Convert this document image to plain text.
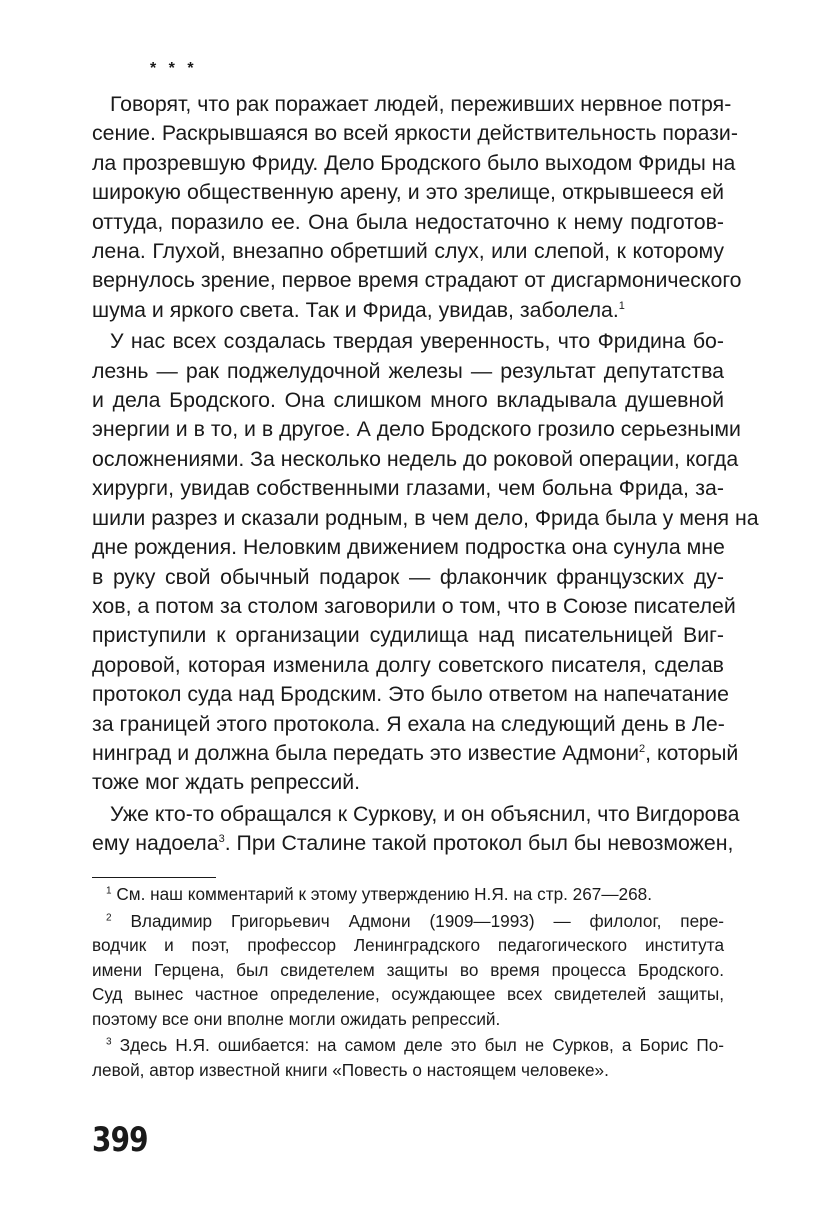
* * *
Говорят, что рак поражает людей, переживших нервное потря-
сение. Раскрывшаяся во всей яркости действительность порази-
ла прозревшую Фриду. Дело Бродского было выходом Фриды на
широкую общественную арену, и это зрелище, открывшееся ей
оттуда, поразило ее. Она была недостаточно к нему подготов-
лена. Глухой, внезапно обретший слух, или слепой, к которому
вернулось зрение, первое время страдают от дисгармонического
шума и яркого света. Так и Фрида, увидав, заболела.$^1$
У нас всех создалась твердая уверенность, что Фридина бо-
лезнь — рак поджелудочной железы — результат депутатства
и дела Бродского. Она слишком много вкладывала душевной
энергии и в то, и в другое. А дело Бродского грозило серьезными
осложнениями. За несколько недель до роковой операции, когда
хирурги, увидав собственными глазами, чем больна Фрида, за-
шили разрез и сказали родным, в чем дело, Фрида была у меня на
дне рождения. Неловким движением подростка она сунула мне
в руку свой обычный подарок — флакончик французских ду-
хов, а потом за столом заговорили о том, что в Союзе писателей
приступили к организации судилища над писательницей Виг-
доровой, которая изменила долгу советского писателя, сделав
протокол суда над Бродским. Это было ответом на напечатание
за границей этого протокола. Я ехала на следующий день в Ле-
нинград и должна была передать это известие Адмони$^2$, который
тоже мог ждать репрессий.
Уже кто-то обращался к Суркову, и он объяснил, что Вигдорова
ему надоела$^3$. При Сталине такой протокол был бы невозможен,
$^1$ См. наш комментарий к этому утверждению Н.Я. на стр. 267—268.
$^2$ Владимир Григорьевич Адмони (1909—1993) — филолог, пере-
водчик и поэт, профессор Ленинградского педагогического института
имени Герцена, был свидетелем защиты во время процесса Бродского.
Суд вынес частное определение, осуждающее всех свидетелей защиты,
поэтому все они вполне могли ожидать репрессий.
$^3$ Здесь Н.Я. ошибается: на самом деле это был не Сурков, а Борис По-
левой, автор известной книги «Повесть о настоящем человеке».
399
